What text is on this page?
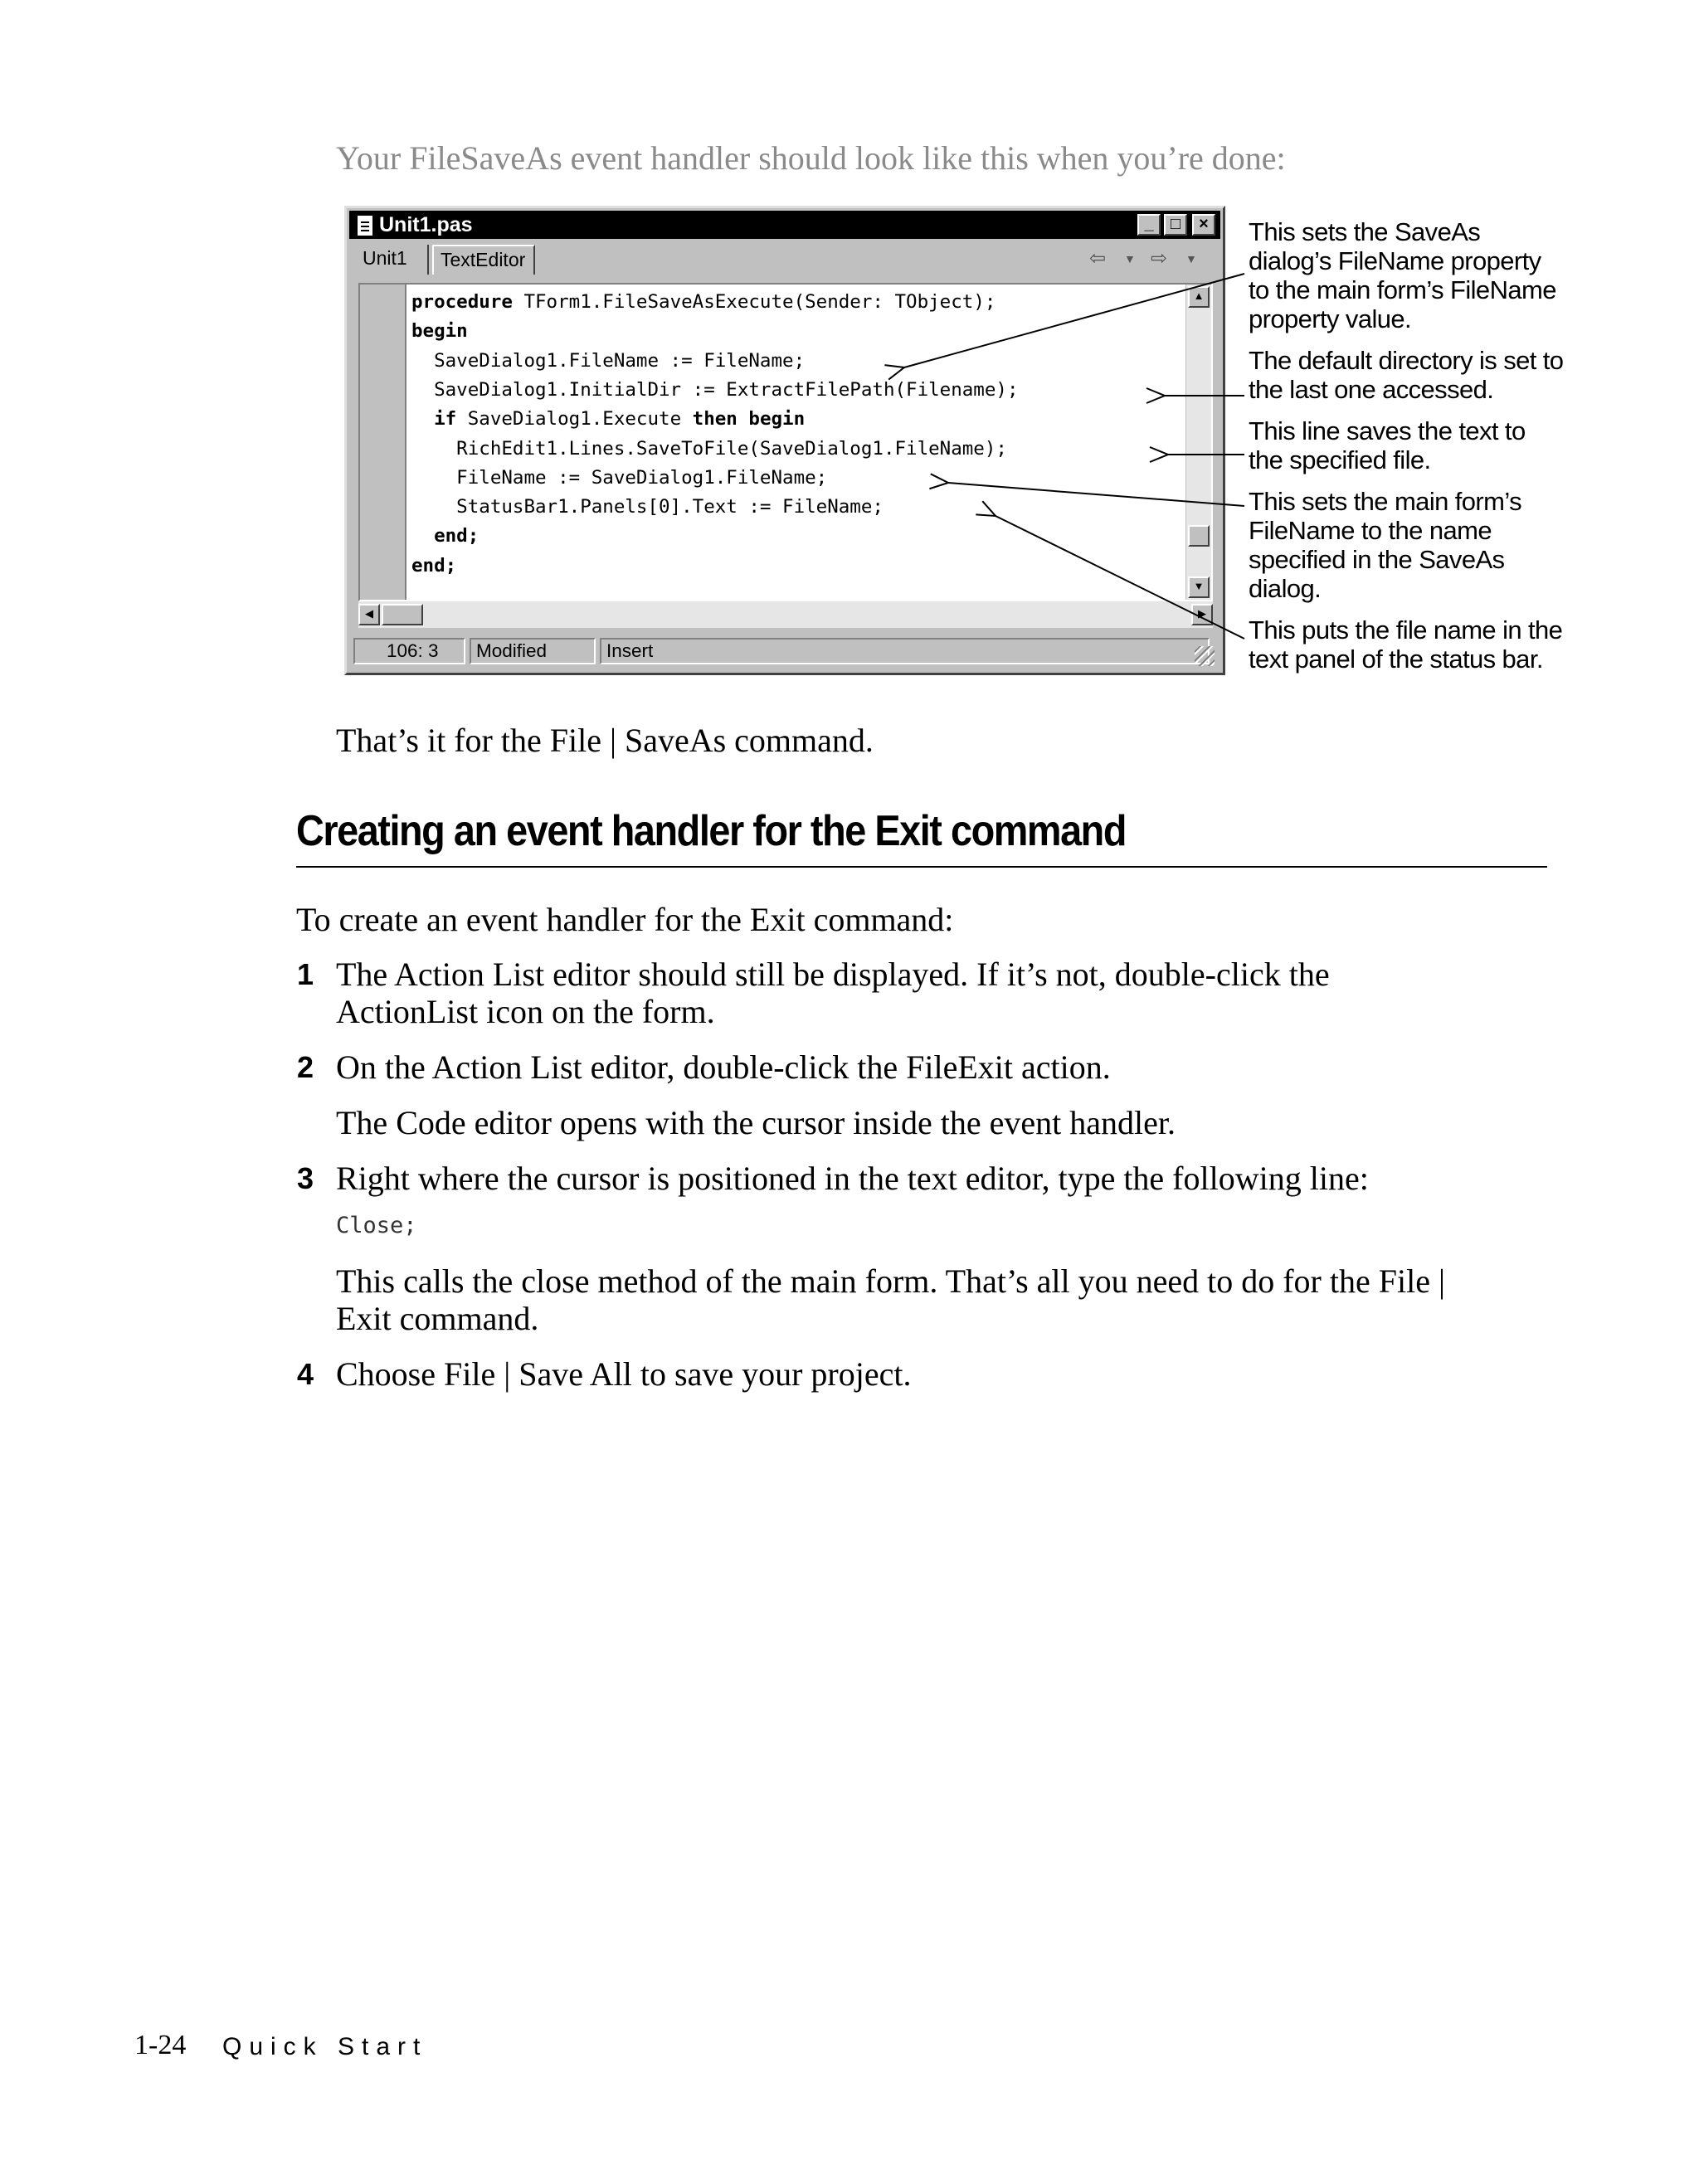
Your FileSaveAs event handler should look like this when you’re done:
Unit1.pas	_	□	×
Unit1	TextEditor	⇦ ▼ ⇨ ▼
procedure TForm1.FileSaveAsExecute(Sender: TObject);
begin
SaveDialog1.FileName := FileName;
SaveDialog1.InitialDir := ExtractFilePath(Filename);
if SaveDialog1.Execute then begin
RichEdit1.Lines.SaveToFile(SaveDialog1.FileName);
FileName := SaveDialog1.FileName;
StatusBar1.Panels[0].Text := FileName;
end;
end;
▲
▼
◀	▶
106: 3	Modified	Insert
This sets the SaveAs
dialog’s FileName property
to the main form’s FileName
property value.
The default directory is set to
the last one accessed.
This line saves the text to
the specified file.
This sets the main form’s
FileName to the name
specified in the SaveAs
dialog.
This puts the file name in the
text panel of the status bar.
That’s it for the File | SaveAs command.
Creating an event handler for the Exit command
To create an event handler for the Exit command:
1 The Action List editor should still be displayed. If it’s not, double-click the
ActionList icon on the form.
2 On the Action List editor, double-click the FileExit action.
The Code editor opens with the cursor inside the event handler.
3 Right where the cursor is positioned in the text editor, type the following line:
Close;
This calls the close method of the main form. That’s all you need to do for the File |
Exit command.
4 Choose File | Save All to save your project.
1-24 Quick Start
